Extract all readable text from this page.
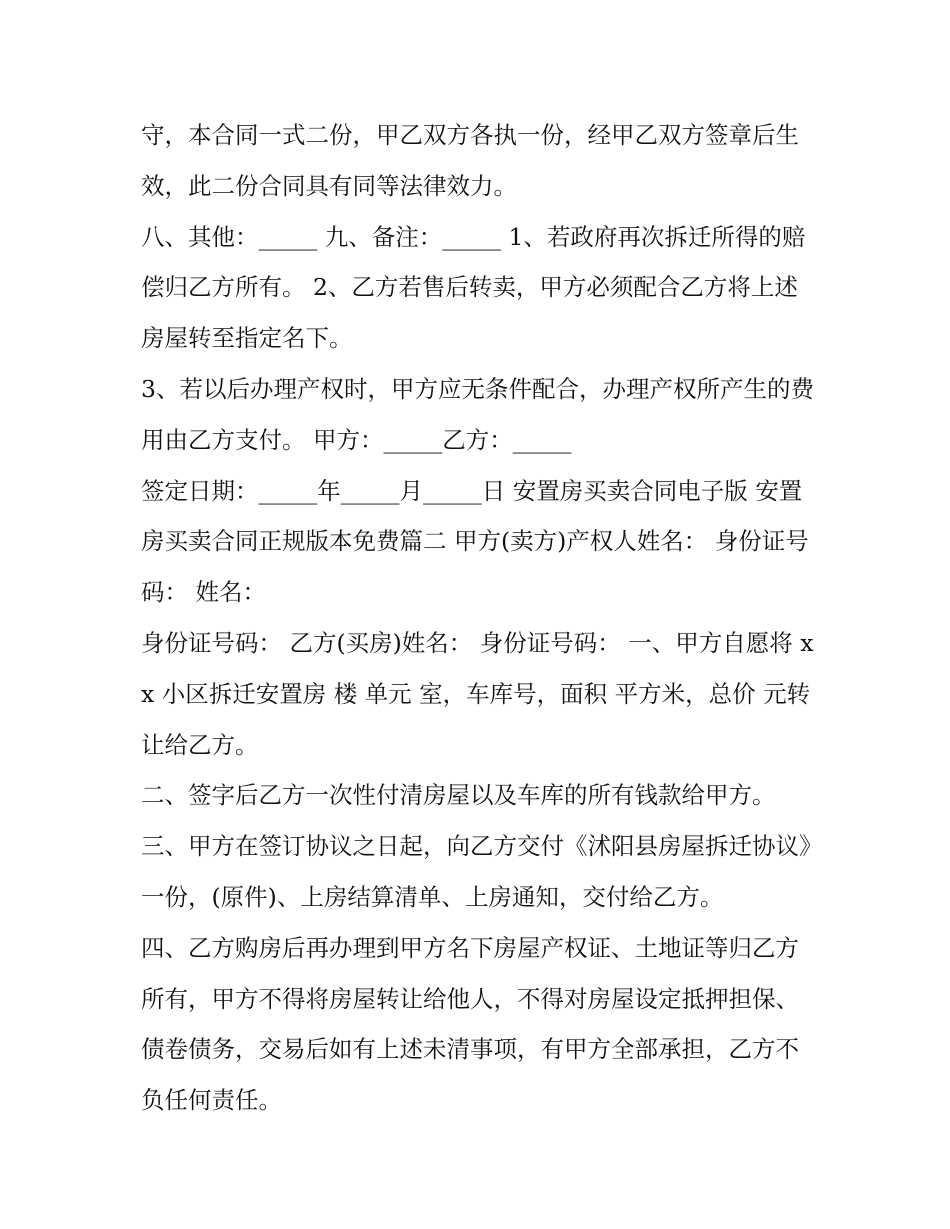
守，本合同一式二份，甲乙双方各执一份，经甲乙双方签章后生效，此二份合同具有同等法律效力。

八、其他：_____ 九、备注：_____ 1、若政府再次拆迁所得的赔偿归乙方所有。 2、乙方若售后转卖，甲方必须配合乙方将上述房屋转至指定名下。

3、若以后办理产权时，甲方应无条件配合，办理产权所产生的费用由乙方支付。 甲方：_____乙方：_____

签定日期：_____年_____月_____日 安置房买卖合同电子版 安置房买卖合同正规版本免费篇二 甲方(卖方)产权人姓名： 身份证号码： 姓名：

身份证号码： 乙方(买房)姓名： 身份证号码： 一、甲方自愿将 xx 小区拆迁安置房 楼 单元 室，车库号，面积 平方米，总价 元转让给乙方。

二、签字后乙方一次性付清房屋以及车库的所有钱款给甲方。

三、甲方在签订协议之日起，向乙方交付《沭阳县房屋拆迁协议》一份，(原件)、上房结算清单、上房通知，交付给乙方。

四、乙方购房后再办理到甲方名下房屋产权证、土地证等归乙方所有，甲方不得将房屋转让给他人，不得对房屋设定抵押担保、债卷债务，交易后如有上述未清事项，有甲方全部承担，乙方不负任何责任。
